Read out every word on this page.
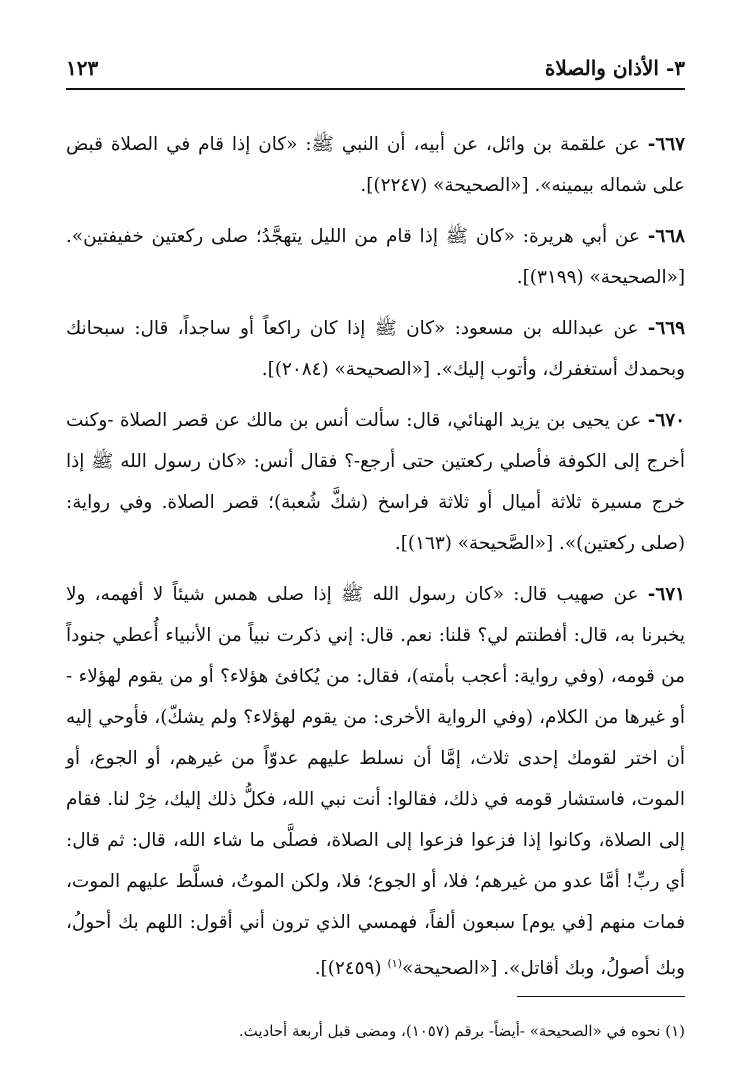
٣- الأذان والصلاة
١٢٣

٦٦٧- عن علقمة بن وائل، عن أبيه، أن النبي ﷺ: «كان إذا قام في الصلاة قبض على شماله بيمينه». [«الصحيحة» (٢٢٤٧)].

٦٦٨- عن أبي هريرة: «كان ﷺ إذا قام من الليل يتهجَّدُ؛ صلى ركعتين خفيفتين». [«الصحيحة» (٣١٩٩)].

٦٦٩- عن عبدالله بن مسعود: «كان ﷺ إذا كان راكعاً أو ساجداً، قال: سبحانك وبحمدك أستغفرك، وأتوب إليك». [«الصحيحة» (٢٠٨٤)].

٦٧٠- عن يحيى بن يزيد الهنائي، قال: سألت أنس بن مالك عن قصر الصلاة -وكنت أخرج إلى الكوفة فأصلي ركعتين حتى أرجع-؟ فقال أنس: «كان رسول الله ﷺ إذا خرج مسيرة ثلاثة أميال أو ثلاثة فراسخ (شكَّ شُعبة)؛ قصر الصلاة. وفي رواية: (صلى ركعتين)». [«الصَّحيحة» (١٦٣)].

٦٧١- عن صهيب قال: «كان رسول الله ﷺ إذا صلى همس شيئاً لا أفهمه، ولا يخبرنا به، قال: أفطنتم لي؟ قلنا: نعم. قال: إني ذكرت نبياً من الأنبياء أُعطي جنوداً من قومه، (وفي رواية: أعجب بأمته)، فقال: من يُكافئ هؤلاء؟ أو من يقوم لهؤلاء - أو غيرها من الكلام، (وفي الرواية الأخرى: من يقوم لهؤلاء؟ ولم يشكّ)، فأوحي إليه أن اختر لقومك إحدى ثلاث، إمَّا أن نسلط عليهم عدوّاً من غيرهم، أو الجوع، أو الموت، فاستشار قومه في ذلك، فقالوا: أنت نبي الله، فكلُّ ذلك إليك، خِرْ لنا. فقام إلى الصلاة، وكانوا إذا فزعوا فزعوا إلى الصلاة، فصلَّى ما شاء الله، قال: ثم قال: أي ربِّ! أمَّا عدو من غيرهم؛ فلا، أو الجوع؛ فلا، ولكن الموتُ، فسلَّط عليهم الموت، فمات منهم [في يوم] سبعون ألفاً، فهمسي الذي ترون أني أقول: اللهم بك أحولُ، وبك أصولُ، وبك أقاتل». [«الصحيحة»$^{(١)}$ (٢٤٥٩)].

(١) نحوه في «الصحيحة» -أيضاً- برقم (١٠٥٧)، ومضى قبل أربعة أحاديث.
